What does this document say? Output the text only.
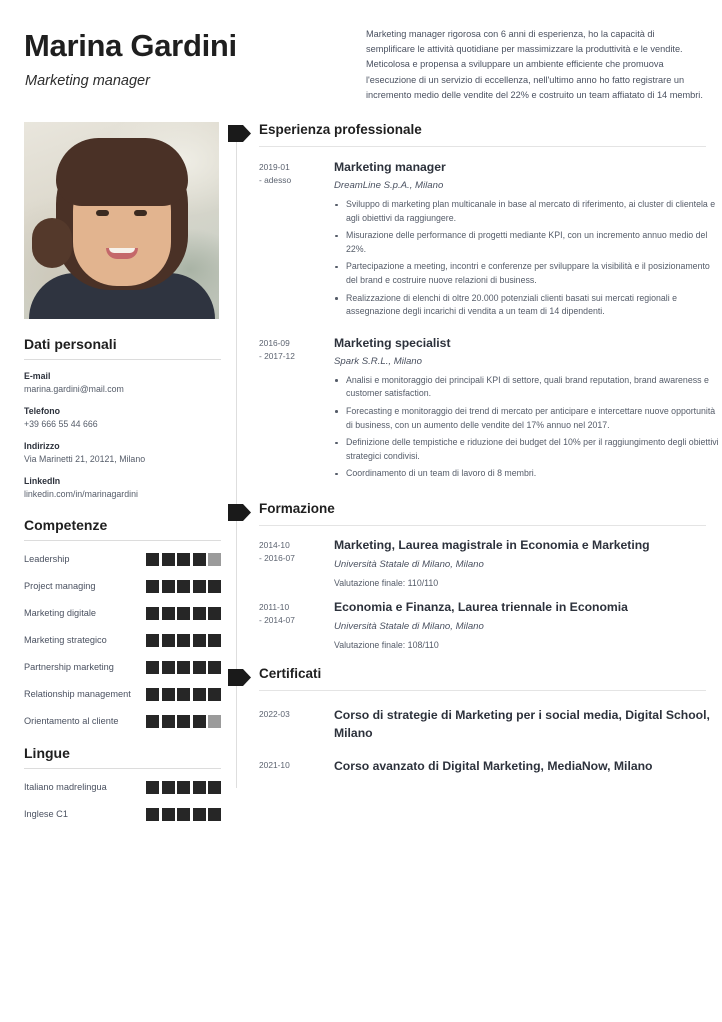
Marina Gardini
Marketing manager
Marketing manager rigorosa con 6 anni di esperienza, ho la capacità di semplificare le attività quotidiane per massimizzare la produttività e le vendite. Meticolosa e propensa a sviluppare un ambiente efficiente che promuova l'esecuzione di un servizio di eccellenza, nell'ultimo anno ho fatto registrare un incremento medio delle vendite del 22% e costruito un team affiatato di 14 membri.
Dati personali
E-mail
marina.gardini@mail.com
Telefono
+39 666 55 44 666
Indirizzo
Via Marinetti 21, 20121, Milano
LinkedIn
linkedin.com/in/marinagardini
Competenze
Leadership
Project managing
Marketing digitale
Marketing strategico
Partnership marketing
Relationship management
Orientamento al cliente
Lingue
Italiano madrelingua
Inglese C1
Esperienza professionale
2019-01
- adesso
Marketing manager
DreamLine S.p.A., Milano
Sviluppo di marketing plan multicanale in base al mercato di riferimento, ai cluster di clientela e agli obiettivi da raggiungere.
Misurazione delle performance di progetti mediante KPI, con un incremento annuo medio del 22%.
Partecipazione a meeting, incontri e conferenze per sviluppare la visibilità e il posizionamento del brand e costruire nuove relazioni di business.
Realizzazione di elenchi di oltre 20.000 potenziali clienti basati sui mercati regionali e assegnazione degli incarichi di vendita a un team di 14 dipendenti.
2016-09
- 2017-12
Marketing specialist
Spark S.R.L., Milano
Analisi e monitoraggio dei principali KPI di settore, quali brand reputation, brand awareness e customer satisfaction.
Forecasting e monitoraggio dei trend di mercato per anticipare e intercettare nuove opportunità di business, con un aumento delle vendite del 17% annuo nel 2017.
Definizione delle tempistiche e riduzione dei budget del 10% per il raggiungimento degli obiettivi strategici condivisi.
Coordinamento di un team di lavoro di 8 membri.
Formazione
2014-10
- 2016-07
Marketing, Laurea magistrale in Economia e Marketing
Università Statale di Milano, Milano
Valutazione finale: 110/110
2011-10
- 2014-07
Economia e Finanza, Laurea triennale in Economia
Università Statale di Milano, Milano
Valutazione finale: 108/110
Certificati
2022-03	Corso di strategie di Marketing per i social media, Digital School, Milano
2021-10	Corso avanzato di Digital Marketing, MediaNow, Milano
